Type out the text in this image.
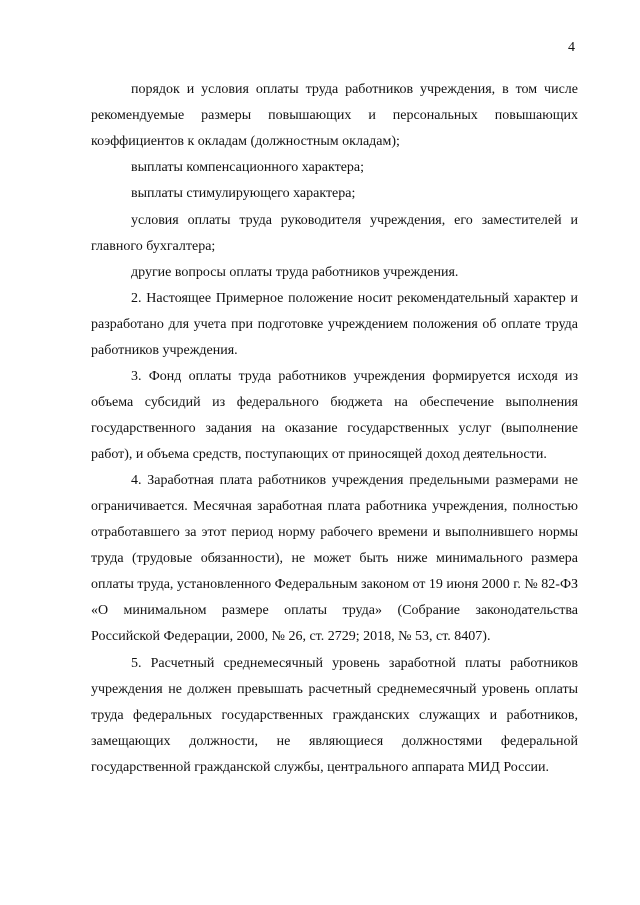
4

порядок и условия оплаты труда работников учреждения, в том числе рекомендуемые размеры повышающих и персональных повышающих коэффициентов к окладам (должностным окладам);

выплаты компенсационного характера;

выплаты стимулирующего характера;

условия оплаты труда руководителя учреждения, его заместителей и главного бухгалтера;

другие вопросы оплаты труда работников учреждения.

2. Настоящее Примерное положение носит рекомендательный характер и разработано для учета при подготовке учреждением положения об оплате труда работников учреждения.

3. Фонд оплаты труда работников учреждения формируется исходя из объема субсидий из федерального бюджета на обеспечение выполнения государственного задания на оказание государственных услуг (выполнение работ), и объема средств, поступающих от приносящей доход деятельности.

4. Заработная плата работников учреждения предельными размерами не ограничивается. Месячная заработная плата работника учреждения, полностью отработавшего за этот период норму рабочего времени и выполнившего нормы труда (трудовые обязанности), не может быть ниже минимального размера оплаты труда, установленного Федеральным законом от 19 июня 2000 г. № 82-ФЗ «О минимальном размере оплаты труда» (Собрание законодательства Российской Федерации, 2000, № 26, ст. 2729; 2018, № 53, ст. 8407).

5. Расчетный среднемесячный уровень заработной платы работников учреждения не должен превышать расчетный среднемесячный уровень оплаты труда федеральных государственных гражданских служащих и работников, замещающих должности, не являющиеся должностями федеральной государственной гражданской службы, центрального аппарата МИД России.
